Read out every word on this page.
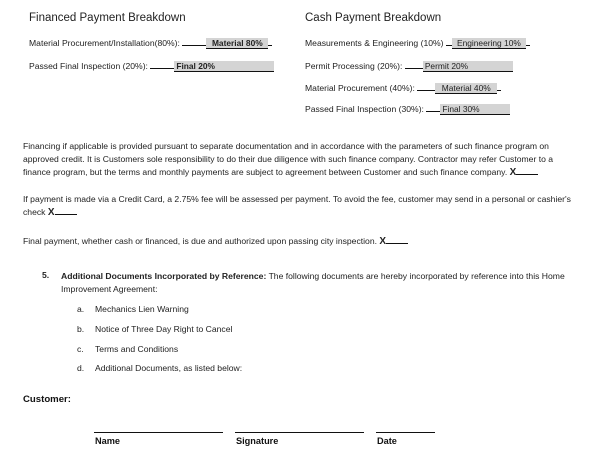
Financed Payment Breakdown
Material Procurement/Installation(80%):	Material 80%
Passed Final Inspection (20%):	Final 20%
Cash Payment Breakdown
Measurements & Engineering (10%) Engineering 10%
Permit Processing (20%):	Permit 20%
Material Procurement (40%):	Material 40%
Passed Final Inspection (30%): Final 30%
Financing if applicable is provided pursuant to separate documentation and in accordance with the parameters of such finance program on approved credit. It is Customers sole responsibility to do their due diligence with such finance company. Contractor may refer Customer to a finance program, but the terms and monthly payments are subject to agreement between Customer and such finance company. X
If payment is made via a Credit Card, a 2.75% fee will be assessed per payment. To avoid the fee, customer may send in a personal or cashier's check X
Final payment, whether cash or financed, is due and authorized upon passing city inspection. X
5. Additional Documents Incorporated by Reference: The following documents are hereby incorporated by reference into this Home Improvement Agreement:
a. Mechanics Lien Warning
b. Notice of Three Day Right to Cancel
c. Terms and Conditions
d. Additional Documents, as listed below:
Customer:
Name	Signature	Date
